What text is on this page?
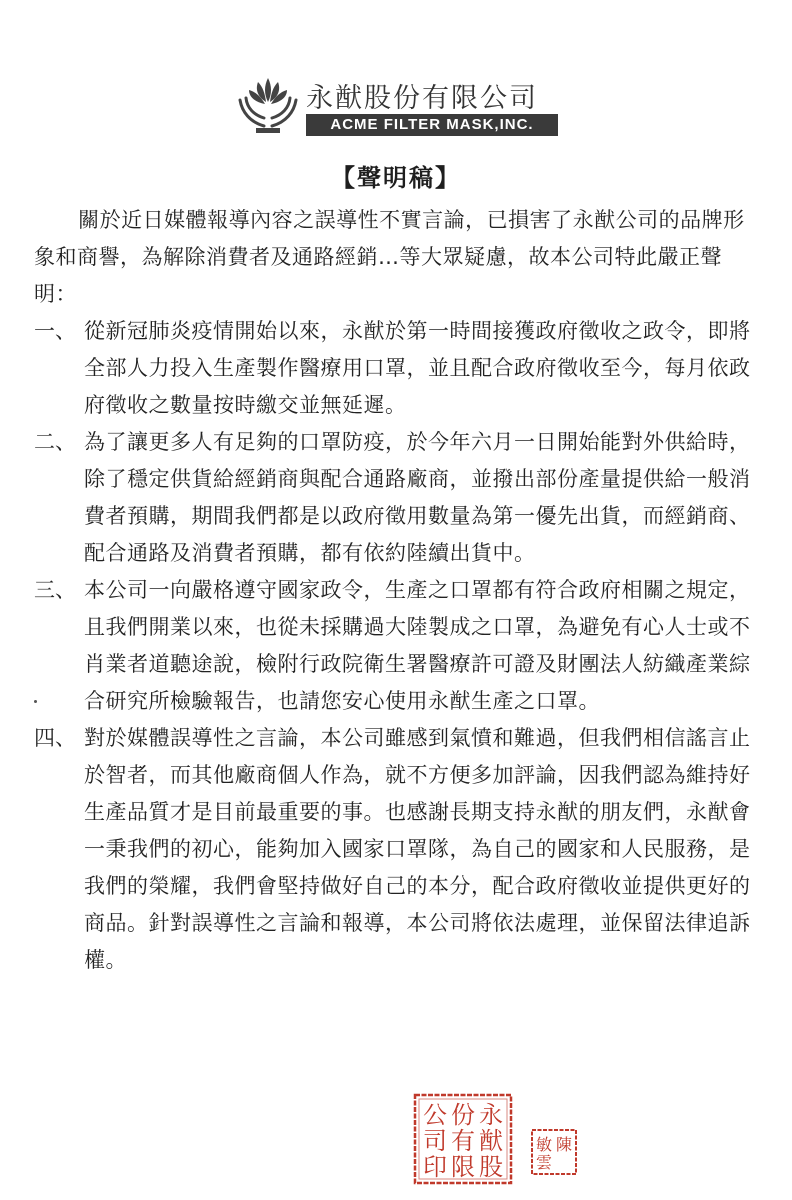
永猷股份有限公司
ACME FILTER MASK,INC.
【聲明稿】

關於近日媒體報導內容之誤導性不實言論，已損害了永猷公司的品牌形象和商譽，為解除消費者及通路經銷…等大眾疑慮，故本公司特此嚴正聲明：

一、 從新冠肺炎疫情開始以來，永猷於第一時間接獲政府徵收之政令，即將全部人力投入生產製作醫療用口罩，並且配合政府徵收至今，每月依政府徵收之數量按時繳交並無延遲。
二、 為了讓更多人有足夠的口罩防疫，於今年六月一日開始能對外供給時，除了穩定供貨給經銷商與配合通路廠商，並撥出部份產量提供給一般消費者預購，期間我們都是以政府徵用數量為第一優先出貨，而經銷商、配合通路及消費者預購，都有依約陸續出貨中。
三、 本公司一向嚴格遵守國家政令，生產之口罩都有符合政府相關之規定，且我們開業以來，也從未採購過大陸製成之口罩，為避免有心人士或不肖業者道聽途說，檢附行政院衛生署醫療許可證及財團法人紡織產業綜合研究所檢驗報告，也請您安心使用永猷生產之口罩。
四、 對於媒體誤導性之言論，本公司雖感到氣憤和難過，但我們相信謠言止於智者，而其他廠商個人作為，就不方便多加評論，因我們認為維持好生產品質才是目前最重要的事。也感謝長期支持永猷的朋友們，永猷會一秉我們的初心，能夠加入國家口罩隊，為自己的國家和人民服務，是我們的榮耀，我們會堅持做好自己的本分，配合政府徵收並提供更好的商品。針對誤導性之言論和報導，本公司將依法處理，並保留法律追訴權。
永
猷
股
份
有
限
公
司
印
陳
敏
雲
